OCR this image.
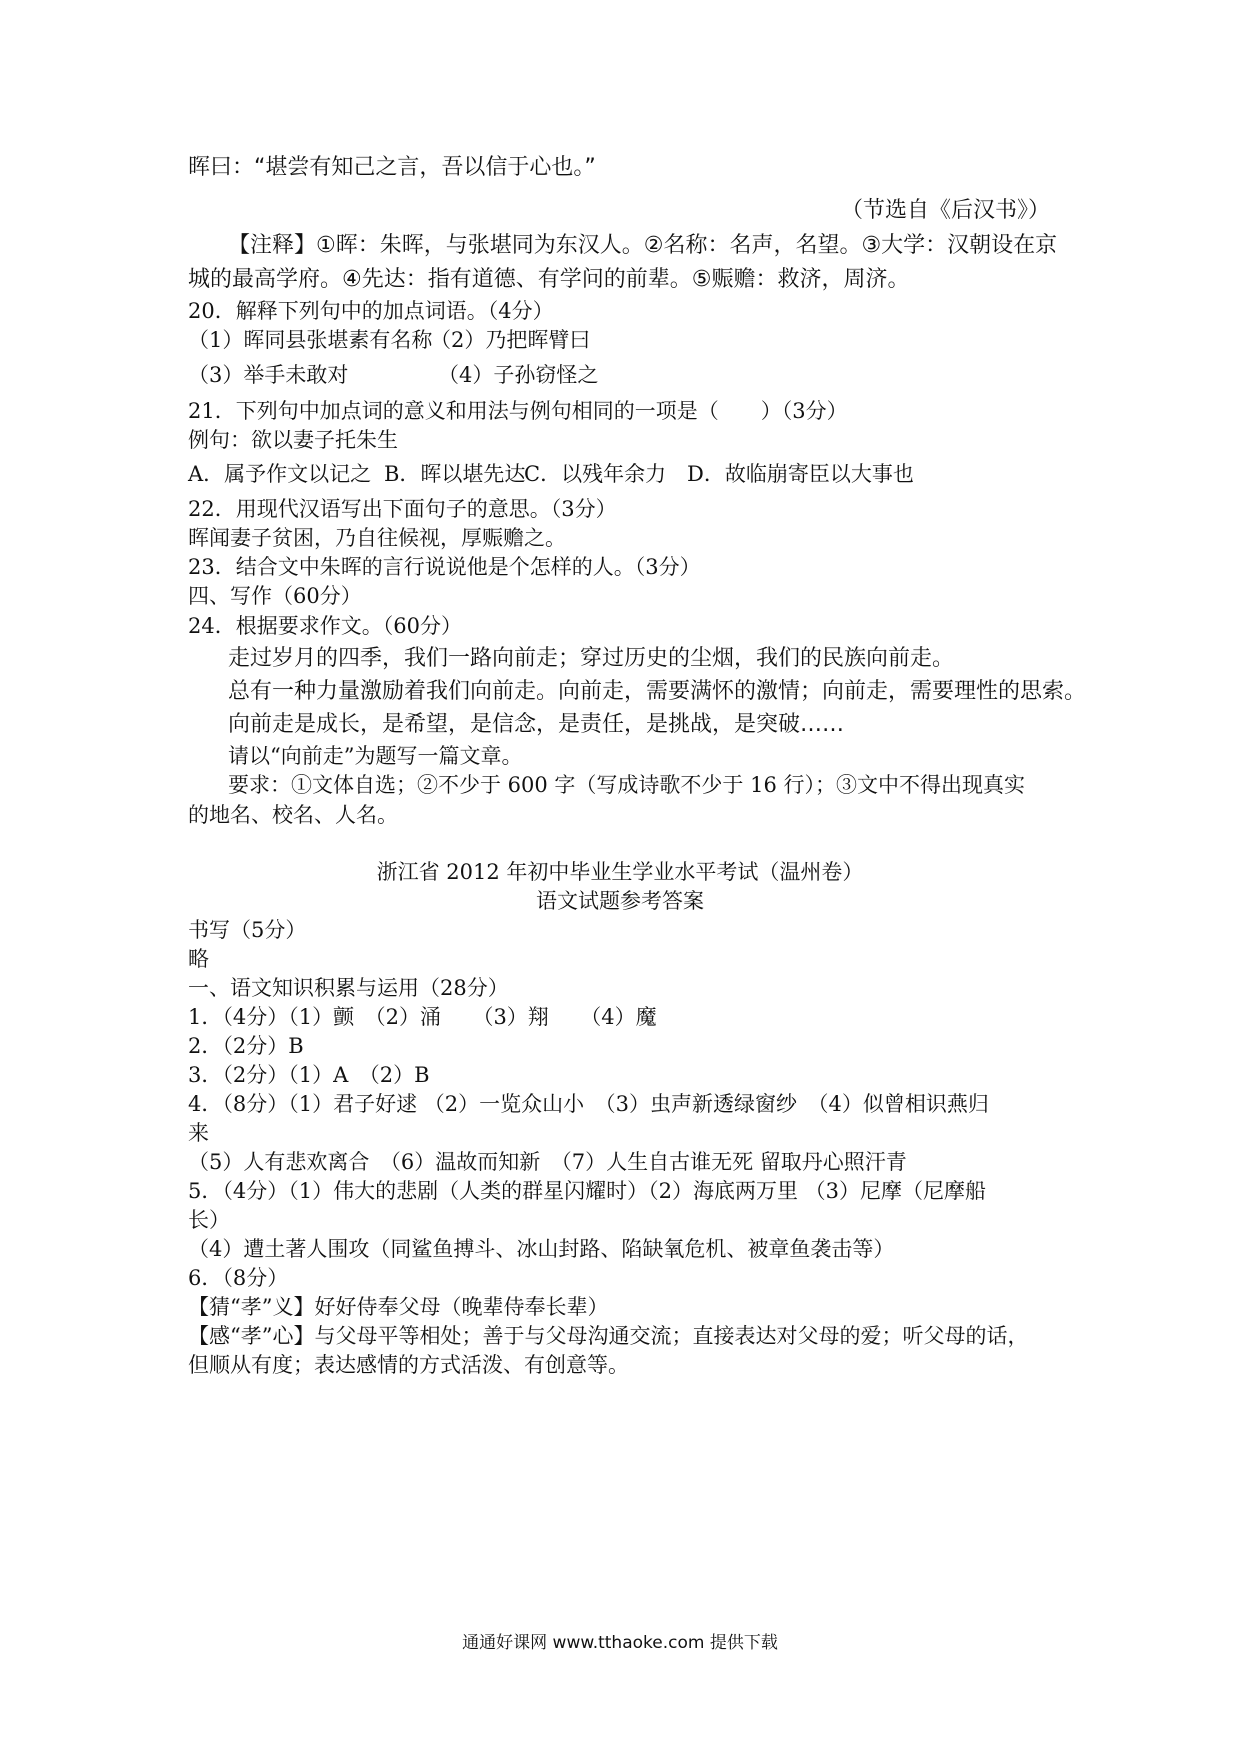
晖曰：“堪尝有知己之言，吾以信于心也。”
（节选自《后汉书》）
【注释】①晖：朱晖，与张堪同为东汉人。②名称：名声，名望。③大学：汉朝设在京
城的最高学府。④先达：指有道德、有学问的前辈。⑤赈赡：救济，周济。
20．解释下列句中的加点词语。（4分）
（1）晖同县张堪素有名称
（2）乃把晖臂曰
（3）举手未敢对	（4）子孙窃怪之
21．下列句中加点词的意义和用法与例句相同的一项是（　　）（3分）
例句：欲以妻子托朱生
A．属予作文以记之 B．晖以堪先达
C．以残年余力 D．故临崩寄臣以大事也
22．用现代汉语写出下面句子的意思。（3分）
晖闻妻子贫困，乃自往候视，厚赈赡之。
23．结合文中朱晖的言行说说他是个怎样的人。（3分）
四、写作（60分）
24．根据要求作文。（60分）
走过岁月的四季，我们一路向前走；穿过历史的尘烟，我们的民族向前走。
总有一种力量激励着我们向前走。向前走，需要满怀的激情；向前走，需要理性的思索。
向前走是成长，是希望，是信念，是责任，是挑战，是突破……
请以“向前走”为题写一篇文章。
要求：①文体自选；②不少于 600 字（写成诗歌不少于 16 行）；③文中不得出现真实
的地名、校名、人名。
浙江省 2012 年初中毕业生学业水平考试（温州卷）
语文试题参考答案
书写（5分）
略
一、语文知识积累与运用（28分）
1．（4分）（1）颤　（2）涌　　（3）翔　　（4）魔
2．（2分）B
3．（2分）（1）A　（2）B
4．（8分）（1）君子好逑 （2）一览众山小　（3）虫声新透绿窗纱　（4）似曾相识燕归
来
（5）人有悲欢离合　（6）温故而知新　（7）人生自古谁无死 留取丹心照汗青
5．（4分）（1）伟大的悲剧（人类的群星闪耀时）（2）海底两万里 （3）尼摩（尼摩船
长）
（4）遭土著人围攻（同鲨鱼搏斗、冰山封路、陷缺氧危机、被章鱼袭击等）
6．（8分）
【猜“孝”义】好好侍奉父母（晚辈侍奉长辈）
【感“孝”心】与父母平等相处；善于与父母沟通交流；直接表达对父母的爱；听父母的话，
但顺从有度；表达感情的方式活泼、有创意等。
通通好课网 www.tthaoke.com 提供下载
